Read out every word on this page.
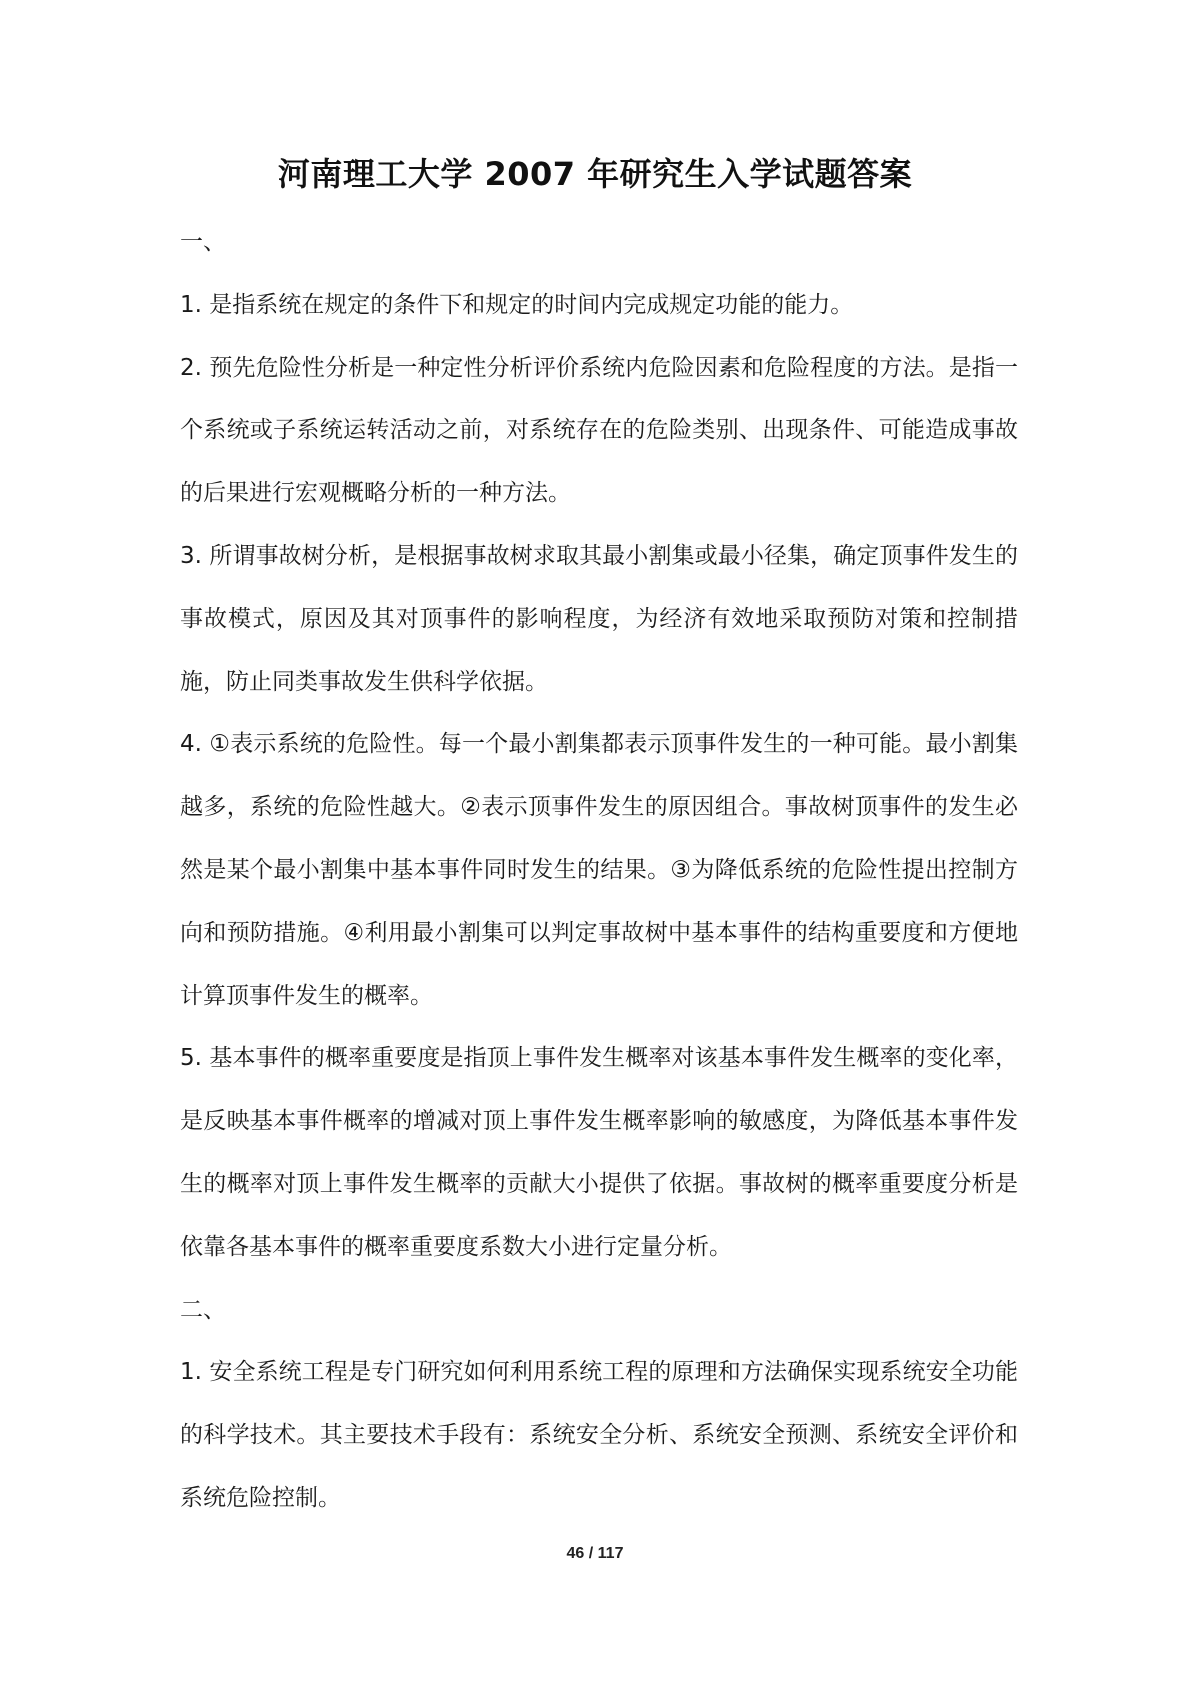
河南理工大学 2007 年研究生入学试题答案

一、

1. 是指系统在规定的条件下和规定的时间内完成规定功能的能力。

2. 预先危险性分析是一种定性分析评价系统内危险因素和危险程度的方法。是指一个系统或子系统运转活动之前，对系统存在的危险类别、出现条件、可能造成事故的后果进行宏观概略分析的一种方法。

3. 所谓事故树分析，是根据事故树求取其最小割集或最小径集，确定顶事件发生的事故模式，原因及其对顶事件的影响程度，为经济有效地采取预防对策和控制措施，防止同类事故发生供科学依据。

4. ①表示系统的危险性。每一个最小割集都表示顶事件发生的一种可能。最小割集越多，系统的危险性越大。②表示顶事件发生的原因组合。事故树顶事件的发生必然是某个最小割集中基本事件同时发生的结果。③为降低系统的危险性提出控制方向和预防措施。④利用最小割集可以判定事故树中基本事件的结构重要度和方便地计算顶事件发生的概率。

5. 基本事件的概率重要度是指顶上事件发生概率对该基本事件发生概率的变化率，是反映基本事件概率的增减对顶上事件发生概率影响的敏感度，为降低基本事件发生的概率对顶上事件发生概率的贡献大小提供了依据。事故树的概率重要度分析是依靠各基本事件的概率重要度系数大小进行定量分析。

二、

1. 安全系统工程是专门研究如何利用系统工程的原理和方法确保实现系统安全功能的科学技术。其主要技术手段有：系统安全分析、系统安全预测、系统安全评价和系统危险控制。

46 / 117
